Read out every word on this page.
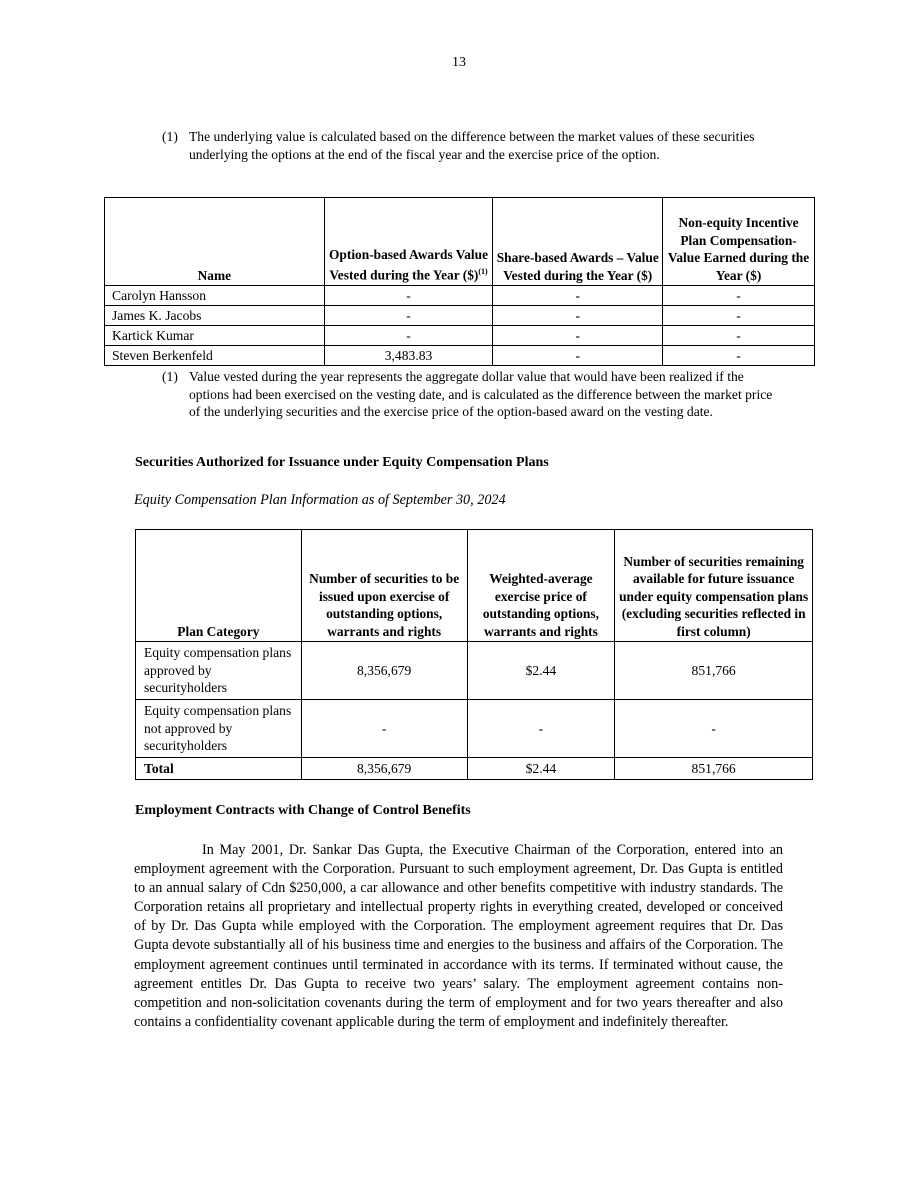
13
(1) The underlying value is calculated based on the difference between the market values of these securities underlying the options at the end of the fiscal year and the exercise price of the option.
Name	Option-based Awards Value Vested during the Year ($)$^{(1)}$	Share-based Awards – Value Vested during the Year ($)	Non-equity Incentive Plan Compensation- Value Earned during the Year ($)
Carolyn Hansson	-	-	-
James K. Jacobs	-	-	-
Kartick Kumar	-	-	-
Steven Berkenfeld	3,483.83	-	-
(1) Value vested during the year represents the aggregate dollar value that would have been realized if the options had been exercised on the vesting date, and is calculated as the difference between the market price of the underlying securities and the exercise price of the option-based award on the vesting date.
Securities Authorized for Issuance under Equity Compensation Plans
Equity Compensation Plan Information as of September 30, 2024
Plan Category	Number of securities to be issued upon exercise of outstanding options, warrants and rights	Weighted-average exercise price of outstanding options, warrants and rights	Number of securities remaining available for future issuance under equity compensation plans (excluding securities reflected in first column)
Equity compensation plans approved by securityholders	8,356,679	$2.44	851,766
Equity compensation plans not approved by securityholders	-	-	-
Total	8,356,679	$2.44	851,766
Employment Contracts with Change of Control Benefits
In May 2001, Dr. Sankar Das Gupta, the Executive Chairman of the Corporation, entered into an employment agreement with the Corporation. Pursuant to such employment agreement, Dr. Das Gupta is entitled to an annual salary of Cdn $250,000, a car allowance and other benefits competitive with industry standards. The Corporation retains all proprietary and intellectual property rights in everything created, developed or conceived of by Dr. Das Gupta while employed with the Corporation. The employment agreement requires that Dr. Das Gupta devote substantially all of his business time and energies to the business and affairs of the Corporation. The employment agreement continues until terminated in accordance with its terms. If terminated without cause, the agreement entitles Dr. Das Gupta to receive two years’ salary. The employment agreement contains non-competition and non-solicitation covenants during the term of employment and for two years thereafter and also contains a confidentiality covenant applicable during the term of employment and indefinitely thereafter.
